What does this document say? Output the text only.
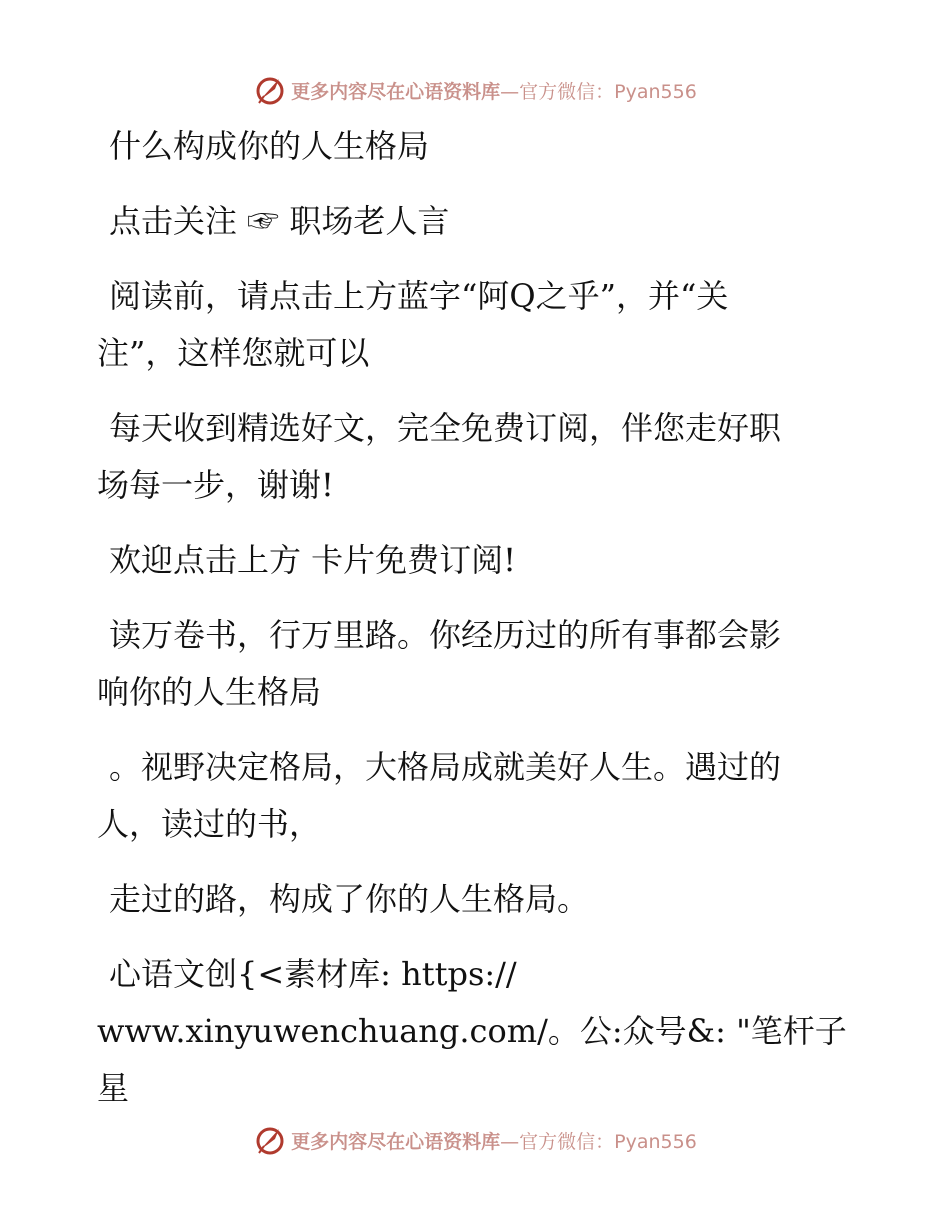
更多内容尽在心语资料库—官方微信：Pyan556
什么构成你的人生格局
点击关注 ☞ 职场老人言
阅读前，请点击上方蓝字“阿Q之乎”，并“关
注”，这样您就可以
每天收到精选好文，完全免费订阅，伴您走好职
场每一步，谢谢!
欢迎点击上方 卡片免费订阅!
读万卷书，行万里路。你经历过的所有事都会影
响你的人生格局
。视野决定格局，大格局成就美好人生。遇过的
人，读过的书，
走过的路，构成了你的人生格局。
心语文创{<素材库: https://
www.xinyuwenchuang.com/。公:众号&: "笔杆子星
更多内容尽在心语资料库—官方微信：Pyan556
